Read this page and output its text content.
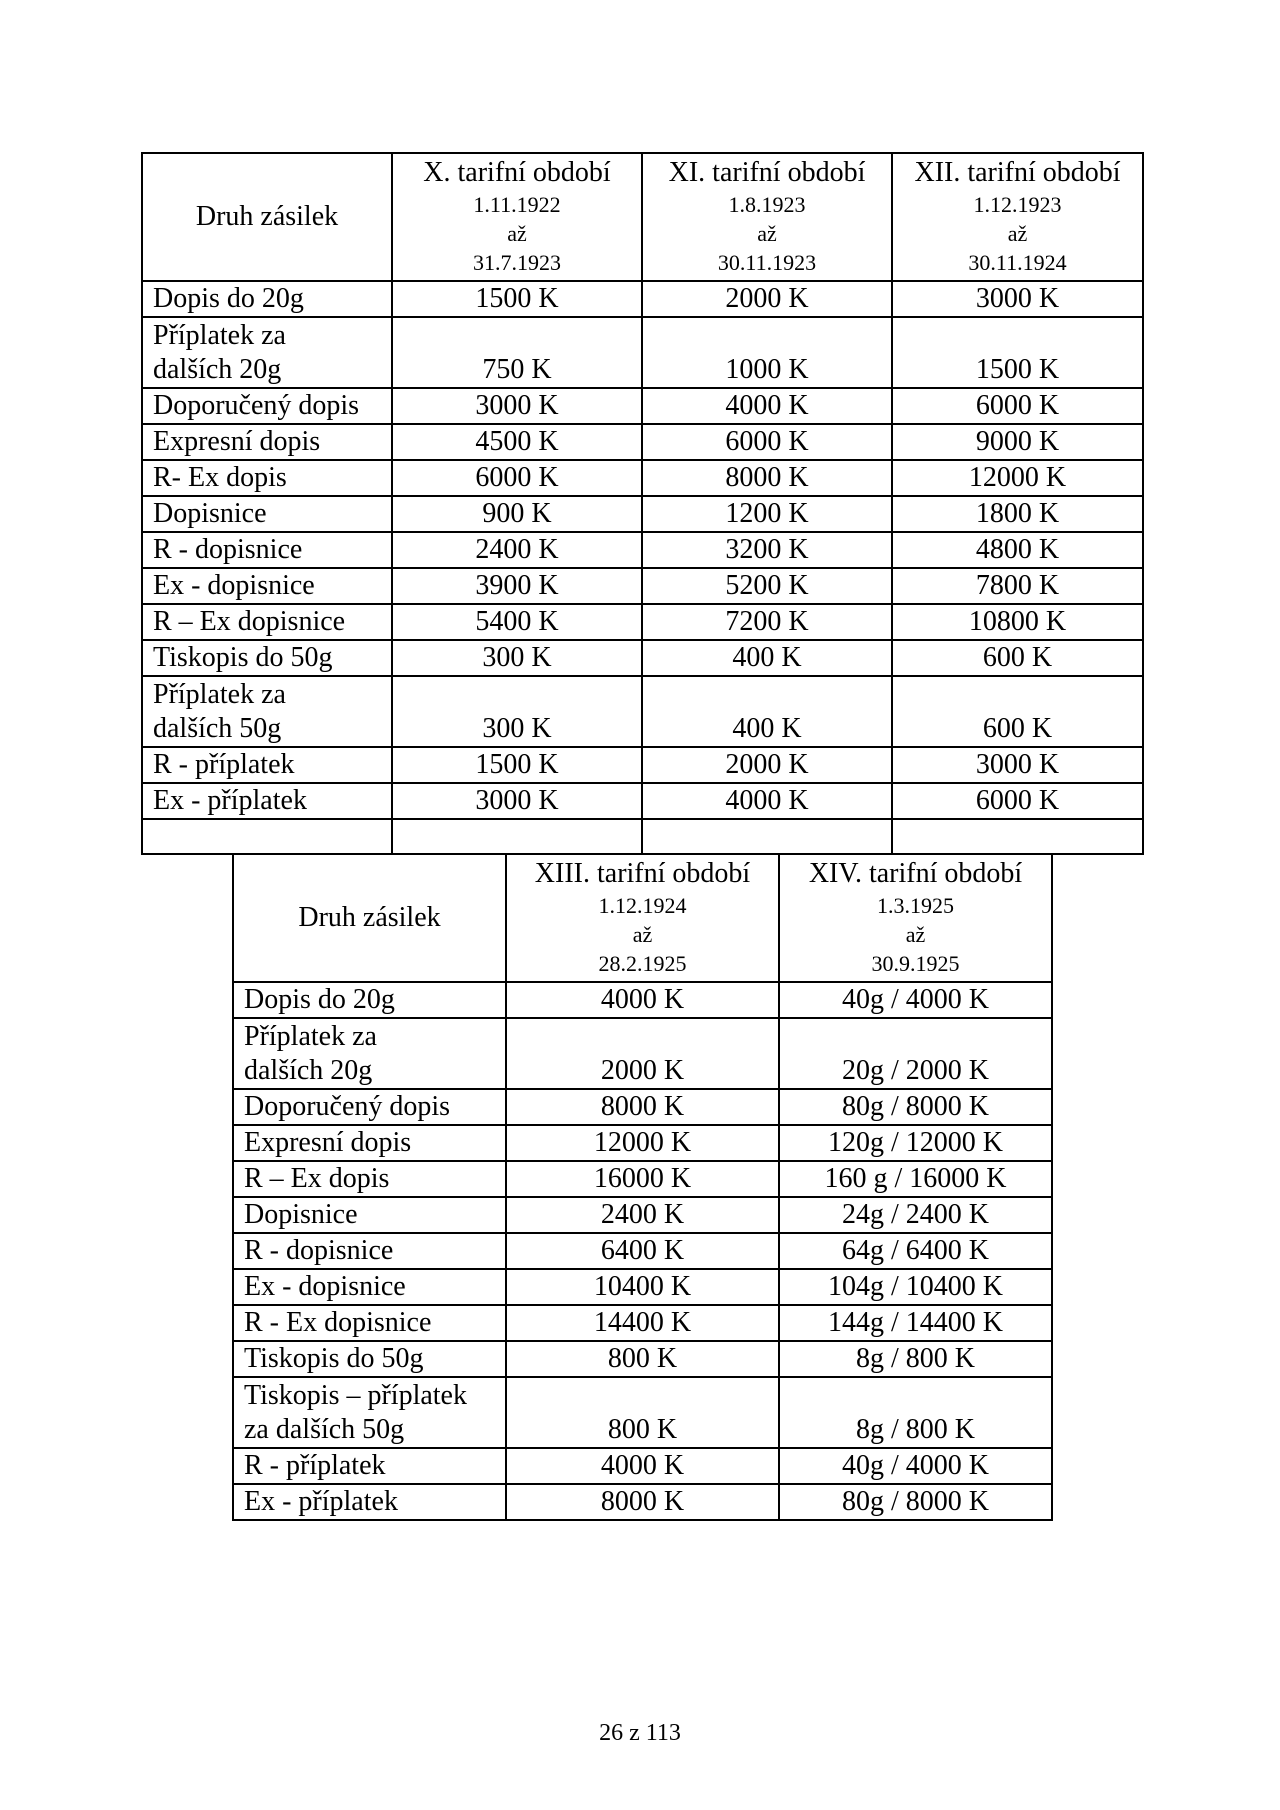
Druh zásilek	X. tarifní období
1.11.1922
až
31.7.1923	XI. tarifní období
1.8.1923
až
30.11.1923	XII. tarifní období
1.12.1923
až
30.11.1924

Dopis do 20g	1500 K	2000 K	3000 K

Příplatek za
dalších 20g	750 K	1000 K	1500 K

Doporučený dopis	3000 K	4000 K	6000 K

Expresní dopis	4500 K	6000 K	9000 K

R- Ex dopis	6000 K	8000 K	12000 K

Dopisnice	900 K	1200 K	1800 K

R - dopisnice	2400 K	3200 K	4800 K

Ex - dopisnice	3900 K	5200 K	7800 K

R – Ex dopisnice	5400 K	7200 K	10800 K

Tiskopis do 50g	300 K	400 K	600 K

Příplatek za
dalších 50g	300 K	400 K	600 K

R - příplatek	1500 K	2000 K	3000 K

Ex - příplatek	3000 K	4000 K	6000 K

Druh zásilek	XIII. tarifní období
1.12.1924
až
28.2.1925	XIV. tarifní období
1.3.1925
až
30.9.1925

Dopis do 20g	4000 K	40g / 4000 K

Příplatek za
dalších 20g	2000 K	20g / 2000 K

Doporučený dopis	8000 K	80g / 8000 K

Expresní dopis	12000 K	120g / 12000 K

R – Ex dopis	16000 K	160 g / 16000 K

Dopisnice	2400 K	24g / 2400 K

R - dopisnice	6400 K	64g / 6400 K

Ex - dopisnice	10400 K	104g / 10400 K

R - Ex dopisnice	14400 K	144g / 14400 K

Tiskopis do 50g	800 K	8g / 800 K

Tiskopis – příplatek
za dalších 50g	800 K	8g / 800 K

R - příplatek	4000 K	40g / 4000 K

Ex - příplatek	8000 K	80g / 8000 K
26 z 113
